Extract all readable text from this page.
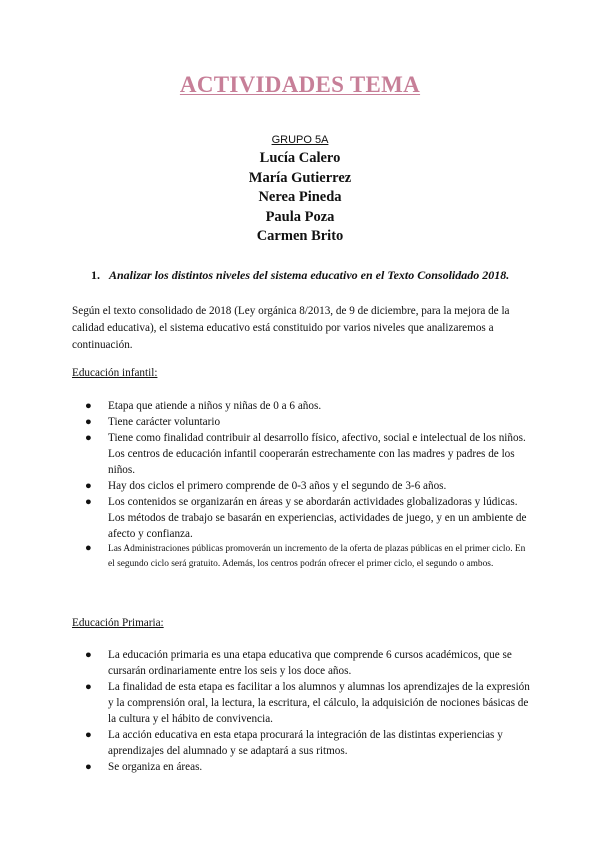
ACTIVIDADES TEMA
GRUPO 5A
Lucía Calero
María Gutierrez
Nerea Pineda
Paula Poza
Carmen Brito
1. Analizar los distintos niveles del sistema educativo en el Texto Consolidado 2018.

Según el texto consolidado de 2018 (Ley orgánica 8/2013, de 9 de diciembre, para la mejora de la calidad educativa), el sistema educativo está constituido por varios niveles que analizaremos a continuación.

Educación infantil:

● Etapa que atiende a niños y niñas de 0 a 6 años.
● Tiene carácter voluntario
● Tiene como finalidad contribuir al desarrollo físico, afectivo, social e intelectual de los niños. Los centros de educación infantil cooperarán estrechamente con las madres y padres de los niños.
● Hay dos ciclos el primero comprende de 0-3 años y el segundo de 3-6 años.
● Los contenidos se organizarán en áreas y se abordarán actividades globalizadoras y lúdicas. Los métodos de trabajo se basarán en experiencias, actividades de juego, y en un ambiente de afecto y confianza.
● Las Administraciones públicas promoverán un incremento de la oferta de plazas públicas en el primer ciclo. En el segundo ciclo será gratuito. Además, los centros podrán ofrecer el primer ciclo, el segundo o ambos.

Educación Primaria:

● La educación primaria es una etapa educativa que comprende 6 cursos académicos, que se cursarán ordinariamente entre los seis y los doce años.
● La finalidad de esta etapa es facilitar a los alumnos y alumnas los aprendizajes de la expresión y la comprensión oral, la lectura, la escritura, el cálculo, la adquisición de nociones básicas de la cultura y el hábito de convivencia.
● La acción educativa en esta etapa procurará la integración de las distintas experiencias y aprendizajes del alumnado y se adaptará a sus ritmos.
● Se organiza en áreas.
